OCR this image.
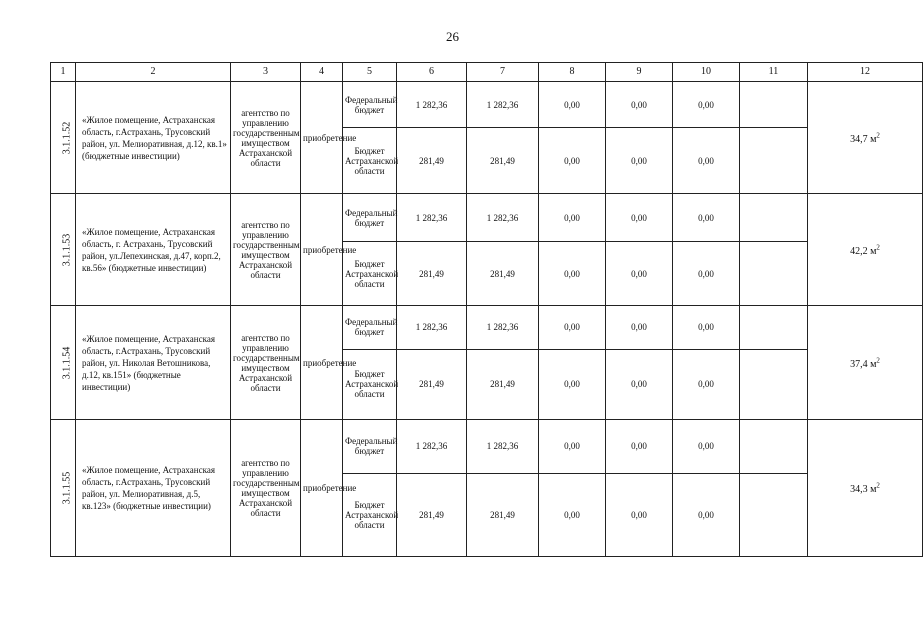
26
1	2	3	4	5	6	7	8	9	10	11	12
3.1.1.52	«Жилое помещение, Астраханская область, г.Астрахань, Трусовский район, ул. Мелиоративная, д.12, кв.1» (бюджетные инвестиции)	агентство по управлению государственным имуществом Астраханской области	приобретение	Федеральный бюджет	1 282,36	1 282,36	0,00	0,00	0,00		34,7 $м^2$
				Бюджет Астраханской области	281,49	281,49	0,00	0,00	0,00		
3.1.1.53	«Жилое помещение, Астраханская область, г. Астрахань, Трусовский район, ул.Лепехинская, д.47, корп.2, кв.56» (бюджетные инвестиции)	агентство по управлению государственным имуществом Астраханской области	приобретение	Федеральный бюджет	1 282,36	1 282,36	0,00	0,00	0,00		42,2 $м^2$
				Бюджет Астраханской области	281,49	281,49	0,00	0,00	0,00		
3.1.1.54	«Жилое помещение, Астраханская область, г.Астрахань, Трусовский район, ул. Николая Ветошникова, д.12, кв.151» (бюджетные инвестиции)	агентство по управлению государственным имуществом Астраханской области	приобретение	Федеральный бюджет	1 282,36	1 282,36	0,00	0,00	0,00		37,4 $м^2$
				Бюджет Астраханской области	281,49	281,49	0,00	0,00	0,00		
3.1.1.55	«Жилое помещение, Астраханская область, г.Астрахань, Трусовский район, ул. Мелиоративная, д.5, кв.123» (бюджетные инвестиции)	агентство по управлению государственным имуществом Астраханской области	приобретение	Федеральный бюджет	1 282,36	1 282,36	0,00	0,00	0,00		34,3 $м^2$
				Бюджет Астраханской области	281,49	281,49	0,00	0,00	0,00		
